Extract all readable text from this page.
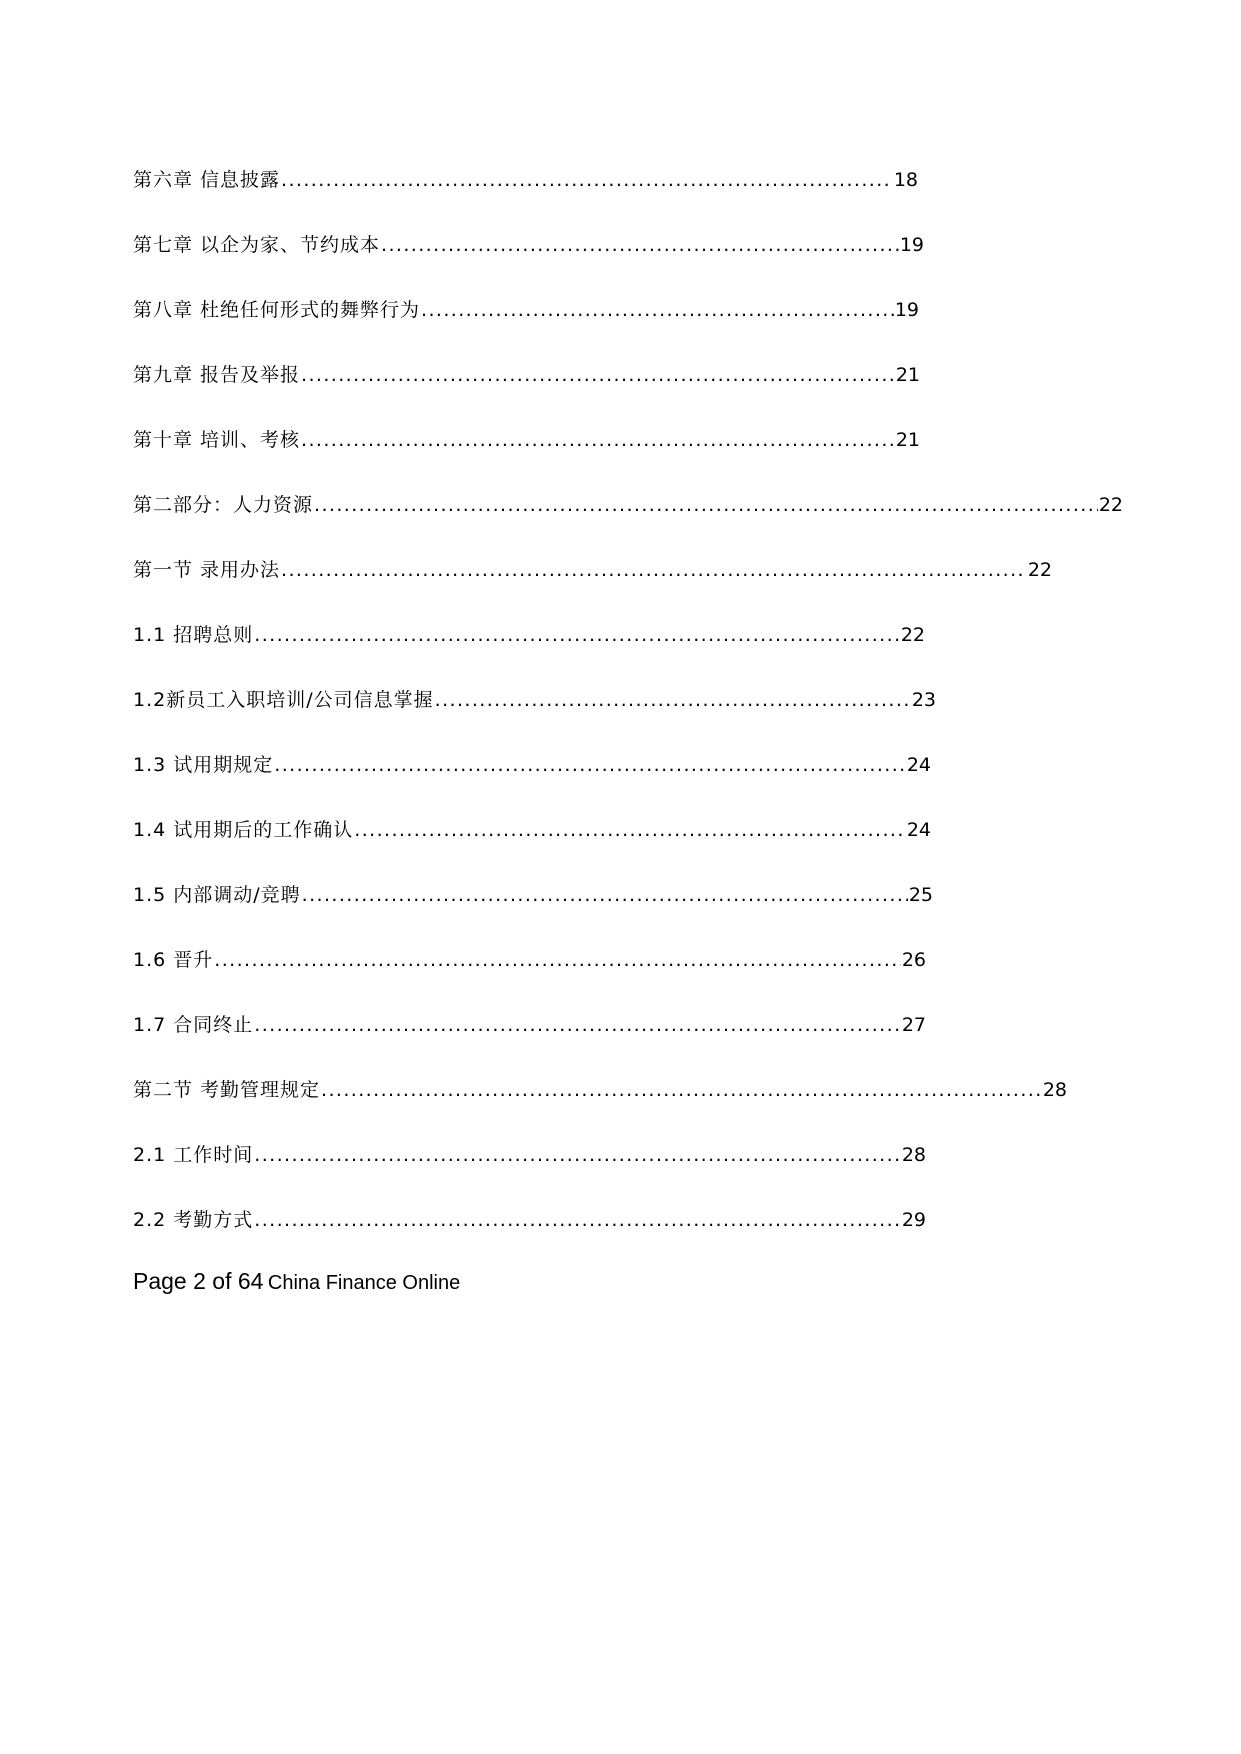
第六章 信息披露 .....	18
第七章 以企为家、节约成本 .....	19
第八章 杜绝任何形式的舞弊行为 .....	19
第九章 报告及举报 .....	21
第十章 培训、考核 .....	21
第二部分：人力资源 .....	22
第一节 录用办法 .....	22
1.1 招聘总则 .....	22
1.2新员工入职培训/公司信息掌握 .....	23
1.3 试用期规定 .....	24
1.4 试用期后的工作确认 .....	24
1.5 内部调动/竞聘 .....	25
1.6 晋升 .....	26
1.7 合同终止 .....	27
第二节 考勤管理规定 .....	28
2.1 工作时间 .....	28
2.2 考勤方式 .....	29
Page 2 of 64 China Finance Online
